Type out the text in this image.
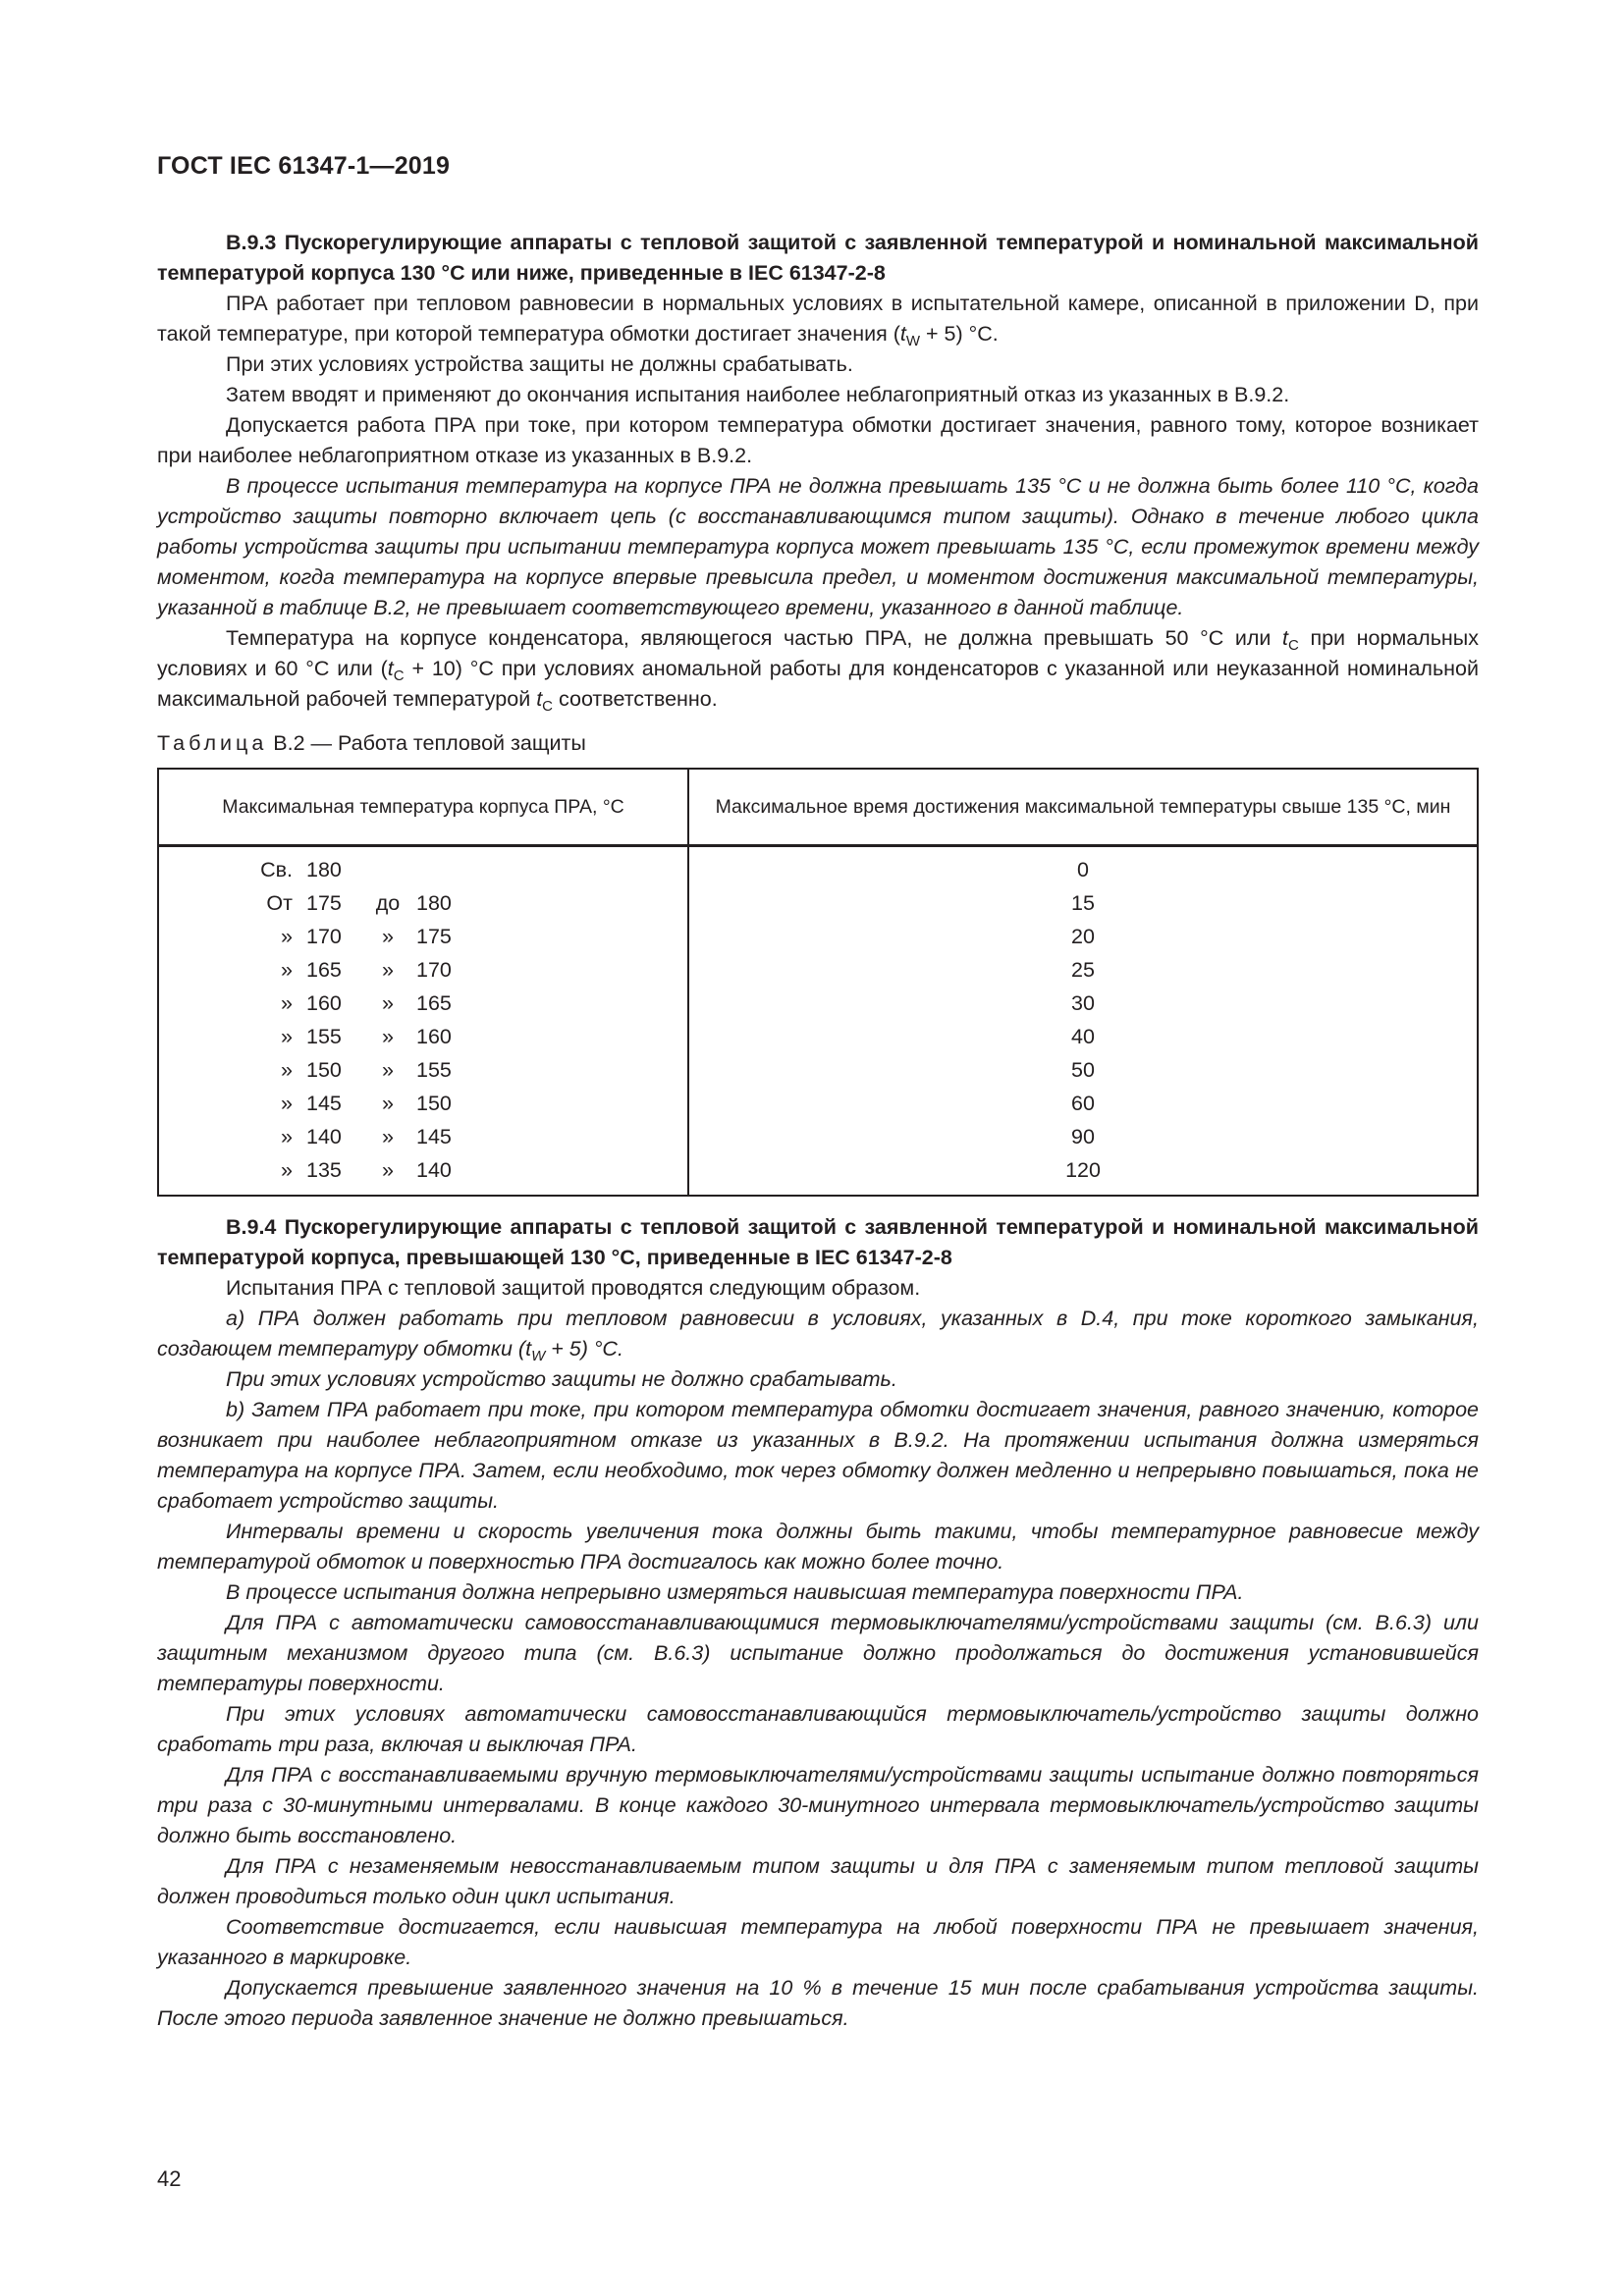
ГОСТ IEC 61347-1—2019

B.9.3 Пускорегулирующие аппараты с тепловой защитой с заявленной температурой и номинальной максимальной температурой корпуса 130 °С или ниже, приведенные в IEC 61347-2-8

ПРА работает при тепловом равновесии в нормальных условиях в испытательной камере, описанной в приложении D, при такой температуре, при которой температура обмотки достигает значения $(t_W + 5)$ °С.

При этих условиях устройства защиты не должны срабатывать.

Затем вводят и применяют до окончания испытания наиболее неблагоприятный отказ из указанных в В.9.2.

Допускается работа ПРА при токе, при котором температура обмотки достигает значения, равного тому, которое возникает при наиболее неблагоприятном отказе из указанных в В.9.2.

В процессе испытания температура на корпусе ПРА не должна превышать 135 °С и не должна быть более 110 °С, когда устройство защиты повторно включает цепь (с восстанавливающимся типом защиты). Однако в течение любого цикла работы устройства защиты при испытании температура корпуса может превышать 135 °С, если промежуток времени между моментом, когда температура на корпусе впервые превысила предел, и моментом достижения максимальной температуры, указанной в таблице В.2, не превышает соответствующего времени, указанного в данной таблице.

Температура на корпусе конденсатора, являющегося частью ПРА, не должна превышать 50 °С или $t_C$ при нормальных условиях и 60 °С или $(t_C + 10)$ °С при условиях аномальной работы для конденсаторов с указанной или неуказанной номинальной максимальной рабочей температурой $t_C$ соответственно.

Таблица В.2 — Работа тепловой защиты

Максимальная температура корпуса ПРА, °С	Максимальное время достижения максимальной температуры свыше 135 °С, мин

Св. 180	0

От 175 до 180	15

» 170 » 175	20

» 165 » 170	25

» 160 » 165	30

» 155 » 160	40

» 150 » 155	50

» 145 » 150	60

» 140 » 145	90

» 135 » 140	120

B.9.4 Пускорегулирующие аппараты с тепловой защитой с заявленной температурой и номинальной максимальной температурой корпуса, превышающей 130 °С, приведенные в IEC 61347-2-8

Испытания ПРА с тепловой защитой проводятся следующим образом.

а) ПРА должен работать при тепловом равновесии в условиях, указанных в D.4, при токе короткого замыкания, создающем температуру обмотки $(t_W + 5)$ °С.

При этих условиях устройство защиты не должно срабатывать.

b) Затем ПРА работает при токе, при котором температура обмотки достигает значения, равного значению, которое возникает при наиболее неблагоприятном отказе из указанных в В.9.2. На протяжении испытания должна измеряться температура на корпусе ПРА. Затем, если необходимо, ток через обмотку должен медленно и непрерывно повышаться, пока не сработает устройство защиты.

Интервалы времени и скорость увеличения тока должны быть такими, чтобы температурное равновесие между температурой обмоток и поверхностью ПРА достигалось как можно более точно.

В процессе испытания должна непрерывно измеряться наивысшая температура поверхности ПРА.

Для ПРА с автоматически самовосстанавливающимися термовыключателями/устройствами защиты (см. В.6.3) или защитным механизмом другого типа (см. В.6.3) испытание должно продолжаться до достижения установившейся температуры поверхности.

При этих условиях автоматически самовосстанавливающийся термовыключатель/устройство защиты должно сработать три раза, включая и выключая ПРА.

Для ПРА с восстанавливаемыми вручную термовыключателями/устройствами защиты испытание должно повторяться три раза с 30-минутными интервалами. В конце каждого 30-минутного интервала термовыключатель/устройство защиты должно быть восстановлено.

Для ПРА с незаменяемым невосстанавливаемым типом защиты и для ПРА с заменяемым типом тепловой защиты должен проводиться только один цикл испытания.

Соответствие достигается, если наивысшая температура на любой поверхности ПРА не превышает значения, указанного в маркировке.

Допускается превышение заявленного значения на 10 % в течение 15 мин после срабатывания устройства защиты. После этого периода заявленное значение не должно превышаться.

42
